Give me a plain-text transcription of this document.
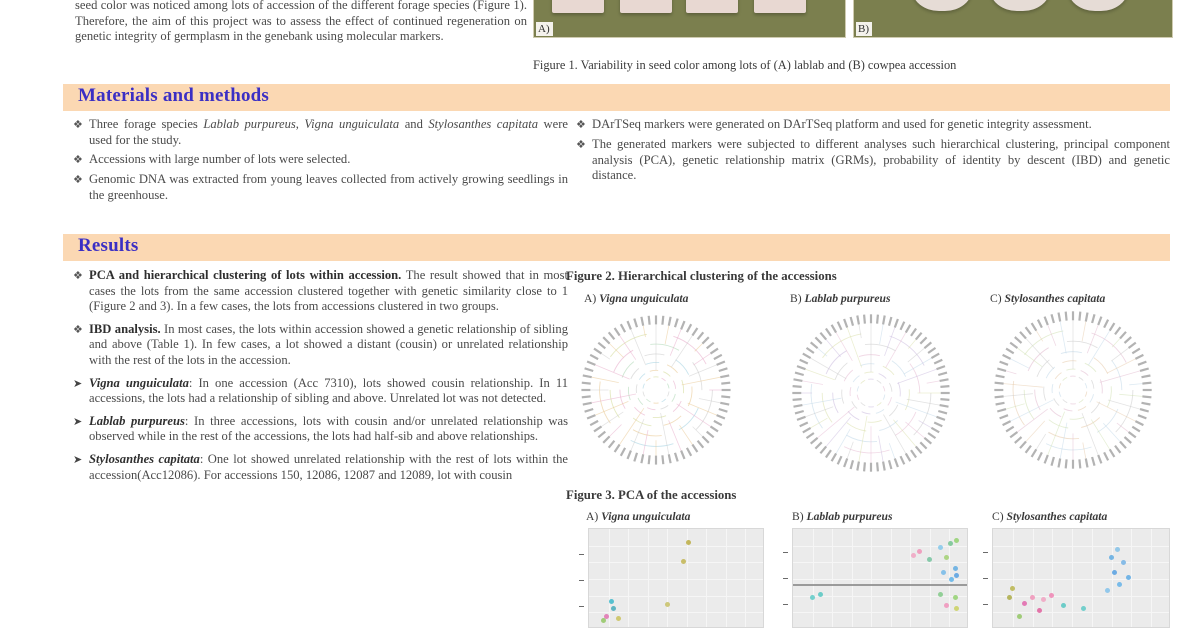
seed color was noticed among lots of accession of the different forage species (Figure 1). Therefore, the aim of this project was to assess the effect of continued regeneration on genetic integrity of germplasm in the genebank using molecular markers.
A)	B)
Figure 1. Variability in seed color among lots of (A) lablab and (B) cowpea accession
Materials and methods
❖ Three forage species Lablab purpureus, Vigna unguiculata and Stylosanthes capitata were used for the study.
❖ Accessions with large number of lots were selected.
❖ Genomic DNA was extracted from young leaves collected from actively growing seedlings in the greenhouse.
❖ DArTSeq markers were generated on DArTSeq platform and used for genetic integrity assessment.
❖ The generated markers were subjected to different analyses such hierarchical clustering, principal component analysis (PCA), genetic relationship matrix (GRMs), probability of identity by descent (IBD) and genetic distance.
Results
❖ PCA and hierarchical clustering of lots within accession. The result showed that in most cases the lots from the same accession clustered together with genetic similarity close to 1 (Figure 2 and 3). In a few cases, the lots from accessions clustered in two groups.
❖ IBD analysis. In most cases, the lots within accession showed a genetic relationship of sibling and above (Table 1). In few cases, a lot showed a distant (cousin) or unrelated relationship with the rest of the lots in the accession.
➤ Vigna unguiculata: In one accession (Acc 7310), lots showed cousin relationship. In 11 accessions, the lots had a relationship of sibling and above. Unrelated lot was not detected.
➤ Lablab purpureus: In three accessions, lots with cousin and/or unrelated relationship was observed while in the rest of the accessions, the lots had half-sib and above relationships.
➤ Stylosanthes capitata: One lot showed unrelated relationship with the rest of lots within the accession(Acc12086). For accessions 150, 12086, 12087 and 12089, lot with cousin
Figure 2. Hierarchical clustering of the accessions
A) Vigna unguiculata	B) Lablab purpureus	C) Stylosanthes capitata
Figure 3. PCA of the accessions
A) Vigna unguiculata	B) Lablab purpureus	C) Stylosanthes capitata
